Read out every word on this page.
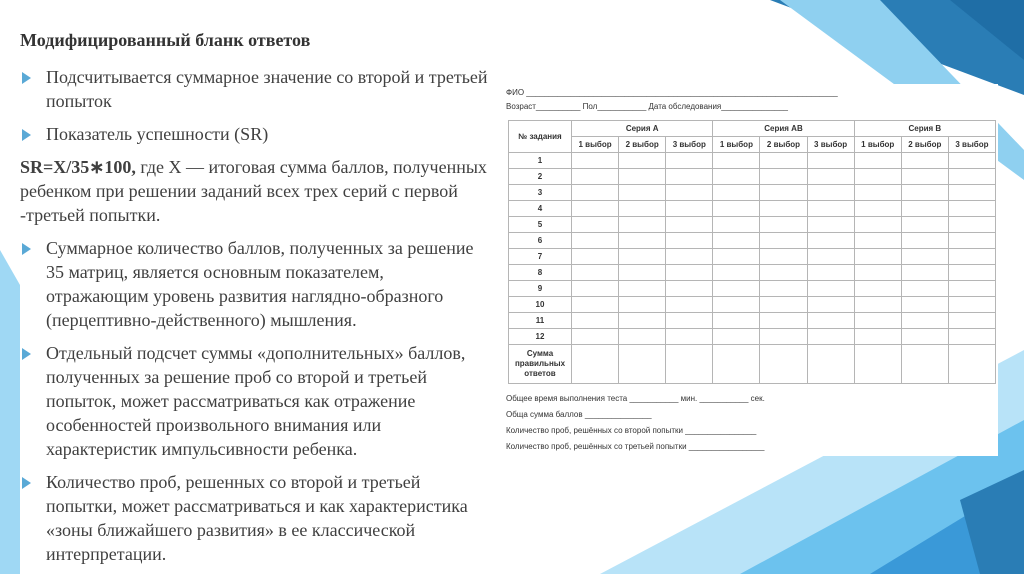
Модифицированный бланк ответов
Подсчитывается суммарное значение со второй и третьей попыток
Показатель успешности (SR)
SR=X/35∗100, где X — итоговая сумма баллов, полученных ребенком при решении заданий всех трех серий с первой -третьей попытки.
Суммарное количество баллов, полученных за решение 35 матриц, является основным показателем, отражающим уровень развития наглядно-образного (перцептивно-действенного) мышления.
Отдельный подсчет суммы «дополнительных» баллов, полученных за решение проб со второй и третьей попыток, может рассматриваться как отражение особенностей произвольного внимания или характеристик импульсивности ребенка.
Количество проб, решенных со второй и третьей попытки, может рассматриваться и как характеристика «зоны ближайшего развития» в ее классической интерпретации.
ФИО ______________________________________________________________________
Возраст__________ Пол___________ Дата обследования_______________
№ задания	Серия А			Серия АВ			Серия В		
	1 выбор	2 выбор	3 выбор	1 выбор	2 выбор	3 выбор	1 выбор	2 выбор	3 выбор
1									
2									
3									
4									
5									
6									
7									
8									
9									
10									
11									
12									
Сумма правильных ответов									
Общее время выполнения теста ___________ мин. ___________ сек.
Обща сумма баллов _______________
Количество проб, решённых со второй попытки ________________
Количество проб, решённых со третьей попытки _________________
